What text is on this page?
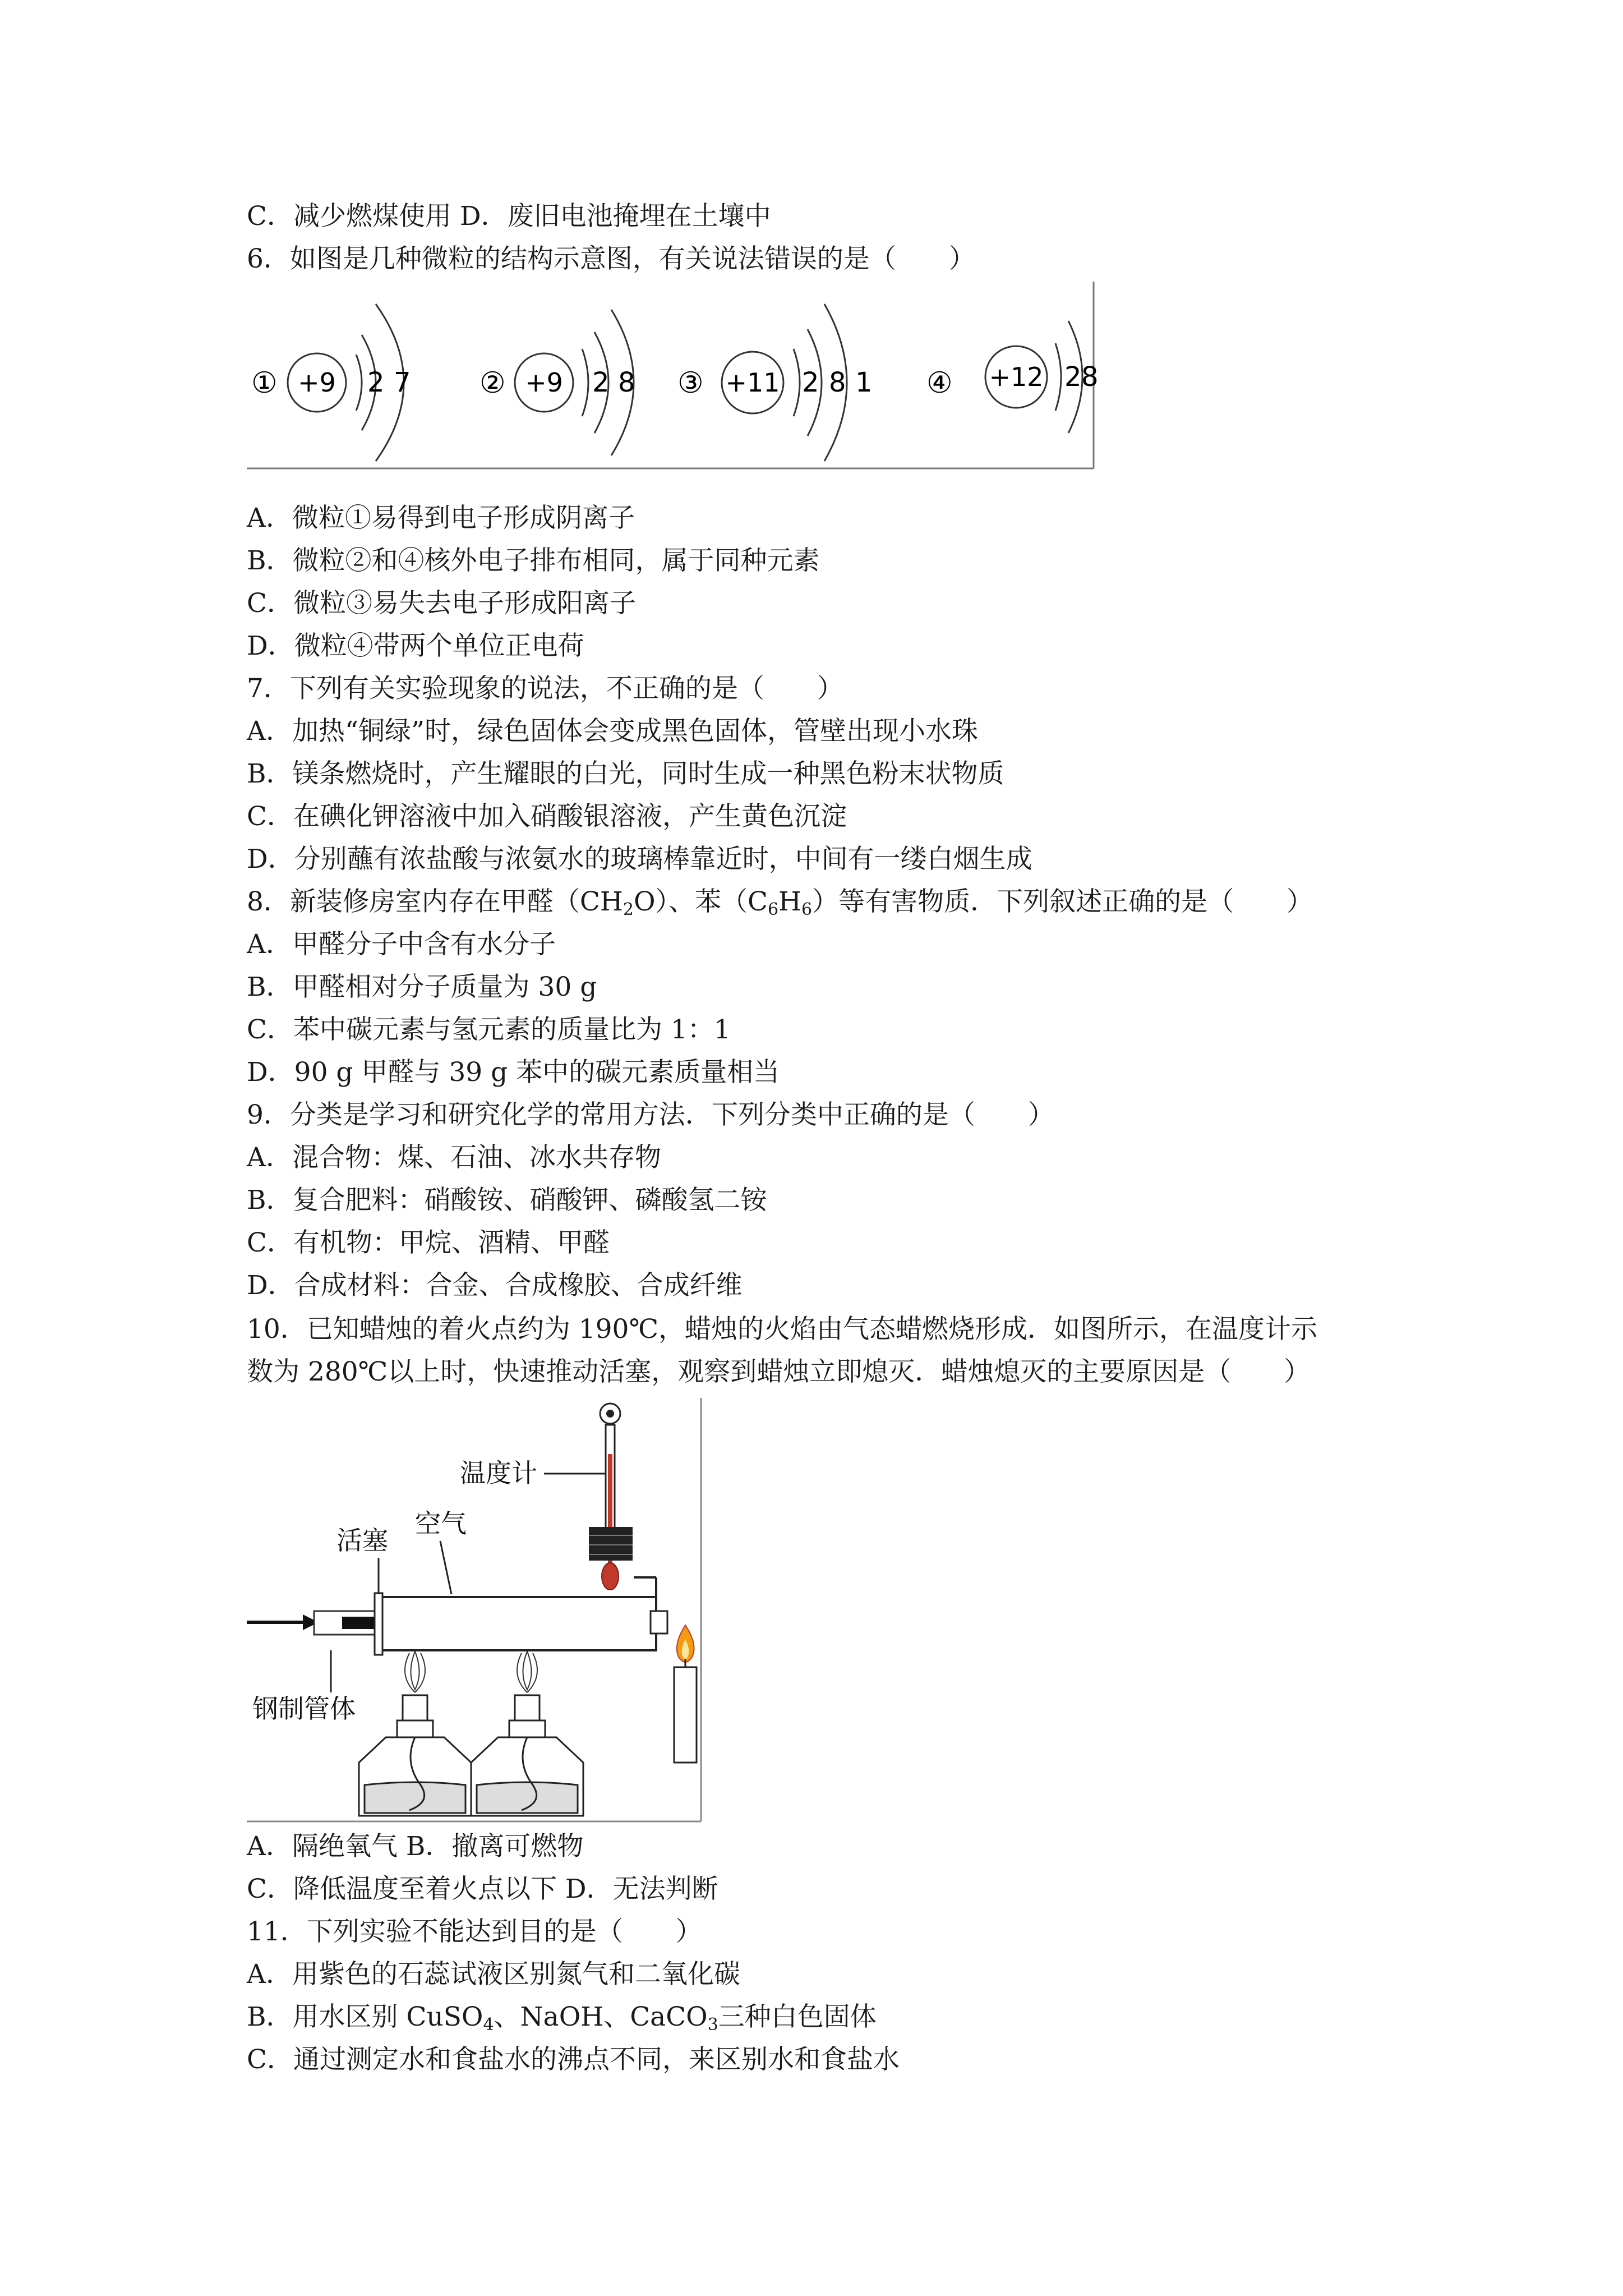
C．减少燃煤使用 D．废旧电池掩埋在土壤中
6．如图是几种微粒的结构示意图，有关说法错误的是（　　）
① +9 2 7 ② +9 2 8 ③ +11 2 8 1 ④ +12 2 8
A．微粒①易得到电子形成阴离子
B．微粒②和④核外电子排布相同，属于同种元素
C．微粒③易失去电子形成阳离子
D．微粒④带两个单位正电荷
7．下列有关实验现象的说法，不正确的是（　　）
A．加热“铜绿”时，绿色固体会变成黑色固体，管壁出现小水珠
B．镁条燃烧时，产生耀眼的白光，同时生成一种黑色粉末状物质
C．在碘化钾溶液中加入硝酸银溶液，产生黄色沉淀
D．分别蘸有浓盐酸与浓氨水的玻璃棒靠近时，中间有一缕白烟生成
8．新装修房室内存在甲醛$(CH_2O)$、苯$(C_6H_6)$等有害物质．下列叙述正确的是（　　）
A．甲醛分子中含有水分子
B．甲醛相对分子质量为 30 g
C．苯中碳元素与氢元素的质量比为 1：1
D．90 g 甲醛与 39 g 苯中的碳元素质量相当
9．分类是学习和研究化学的常用方法．下列分类中正确的是（　　）
A．混合物：煤、石油、冰水共存物
B．复合肥料：硝酸铵、硝酸钾、磷酸氢二铵
C．有机物：甲烷、酒精、甲醛
D．合成材料：合金、合成橡胶、合成纤维
10．已知蜡烛的着火点约为 190℃，蜡烛的火焰由气态蜡燃烧形成．如图所示，在温度计示
数为 280℃以上时，快速推动活塞，观察到蜡烛立即熄灭．蜡烛熄灭的主要原因是（　　）
温度计
活塞
空气
钢制管体
A．隔绝氧气 B．撤离可燃物
C．降低温度至着火点以下 D．无法判断
11．下列实验不能达到目的是（　　）
A．用紫色的石蕊试液区别氮气和二氧化碳
B．用水区别 CuSO$_4$、NaOH、CaCO$_3$三种白色固体
C．通过测定水和食盐水的沸点不同，来区别水和食盐水
